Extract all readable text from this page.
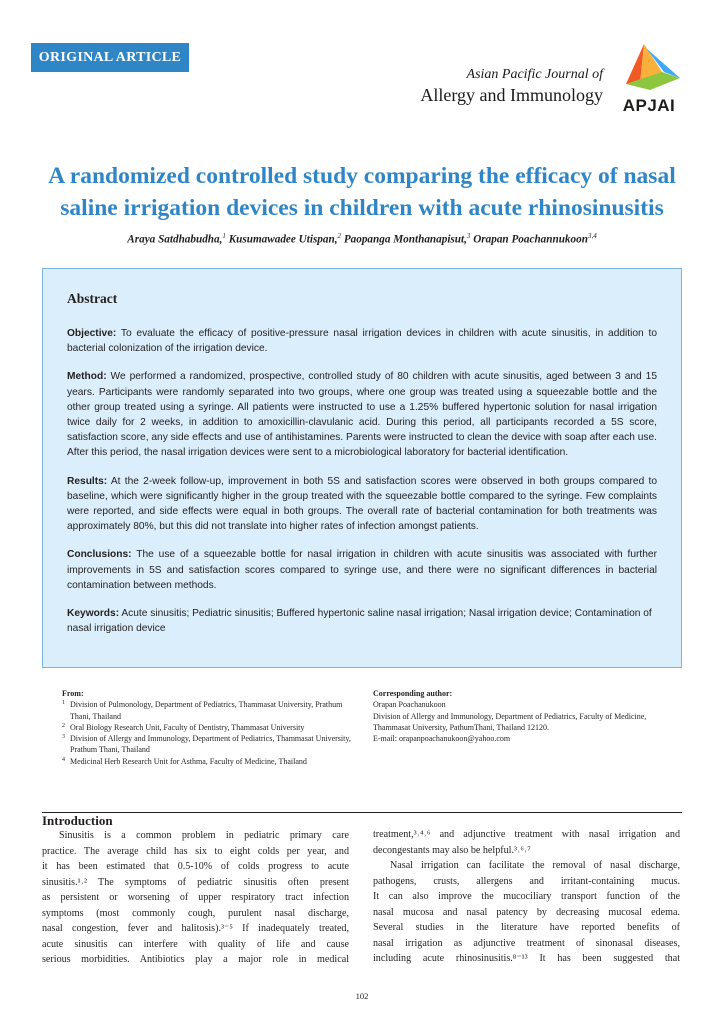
ORIGINAL ARTICLE
Asian Pacific Journal of
Allergy and Immunology
APJAI
A randomized controlled study comparing the efficacy of nasal
saline irrigation devices in children with acute rhinosinusitis
Araya Satdhabudha,$^1$ Kusumawadee Utispan,$^2$ Paopanga Monthanapisut,$^3$ Orapan Poachannukoon$^{3,4}$
Abstract

Objective: To evaluate the efficacy of positive-pressure nasal irrigation devices in children with acute sinusitis, in addition to bacterial colonization of the irrigation device.

Method: We performed a randomized, prospective, controlled study of 80 children with acute sinusitis, aged between 3 and 15 years. Participants were randomly separated into two groups, where one group was treated using a squeezable bottle and the other group treated using a syringe. All patients were instructed to use a 1.25% buffered hypertonic solution for nasal irrigation twice daily for 2 weeks, in addition to amoxicillin-clavulanic acid. During this period, all participants recorded a 5S score, satisfaction score, any side effects and use of antihistamines. Parents were instructed to clean the device with soap after each use. After this period, the nasal irrigation devices were sent to a microbiological laboratory for bacterial identification.

Results: At the 2-week follow-up, improvement in both 5S and satisfaction scores were observed in both groups compared to baseline, which were significantly higher in the group treated with the squeezable bottle compared to the syringe. Few complaints were reported, and side effects were equal in both groups. The overall rate of bacterial contamination for both treatments was approximately 80%, but this did not translate into higher rates of infection amongst patients.

Conclusions: The use of a squeezable bottle for nasal irrigation in children with acute sinusitis was associated with further improvements in 5S and satisfaction scores compared to syringe use, and there were no significant differences in bacterial contamination between methods.

Keywords: Acute sinusitis; Pediatric sinusitis; Buffered hypertonic saline nasal irrigation; Nasal irrigation device; Contamination of nasal irrigation device

From:
1 Division of Pulmonology, Department of Pediatrics, Thammasat University, Prathum Thani, Thailand
2 Oral Biology Research Unit, Faculty of Dentistry, Thammasat University
3 Division of Allergy and Immunology, Department of Pediatrics, Thammasat University, Prathum Thani, Thailand
4 Medicinal Herb Research Unit for Asthma, Faculty of Medicine, Thailand
Corresponding author:
Orapan Poachanukoon
Division of Allergy and Immunology, Department of Pediatrics, Faculty of Medicine, Thammasat University, PathumThani, Thailand 12120.
E-mail: orapanpoachanukoon@yahoo.com
Introduction
Sinusitis is a common problem in pediatric primary care
practice. The average child has six to eight colds per year, and
it has been estimated that 0.5-10% of colds progress to acute
sinusitis.¹˒² The symptoms of pediatric sinusitis often present
as persistent or worsening of upper respiratory tract infection
symptoms (most commonly cough, purulent nasal discharge,
nasal congestion, fever and halitosis).³⁻⁵ If inadequately treated,
acute sinusitis can interfere with quality of life and cause
serious morbidities. Antibiotics play a major role in medical
treatment,³˒⁴˒⁶ and adjunctive treatment with nasal irrigation and
decongestants may also be helpful.³˒⁶˒⁷
Nasal irrigation can facilitate the removal of nasal discharge,
pathogens, crusts, allergens and irritant-containing mucus.
It can also improve the mucociliary transport function of the
nasal mucosa and nasal patency by decreasing mucosal edema.
Several studies in the literature have reported benefits of
nasal irrigation as adjunctive treatment of sinonasal diseases,
including acute rhinosinusitis.⁸⁻¹³ It has been suggested that
102
